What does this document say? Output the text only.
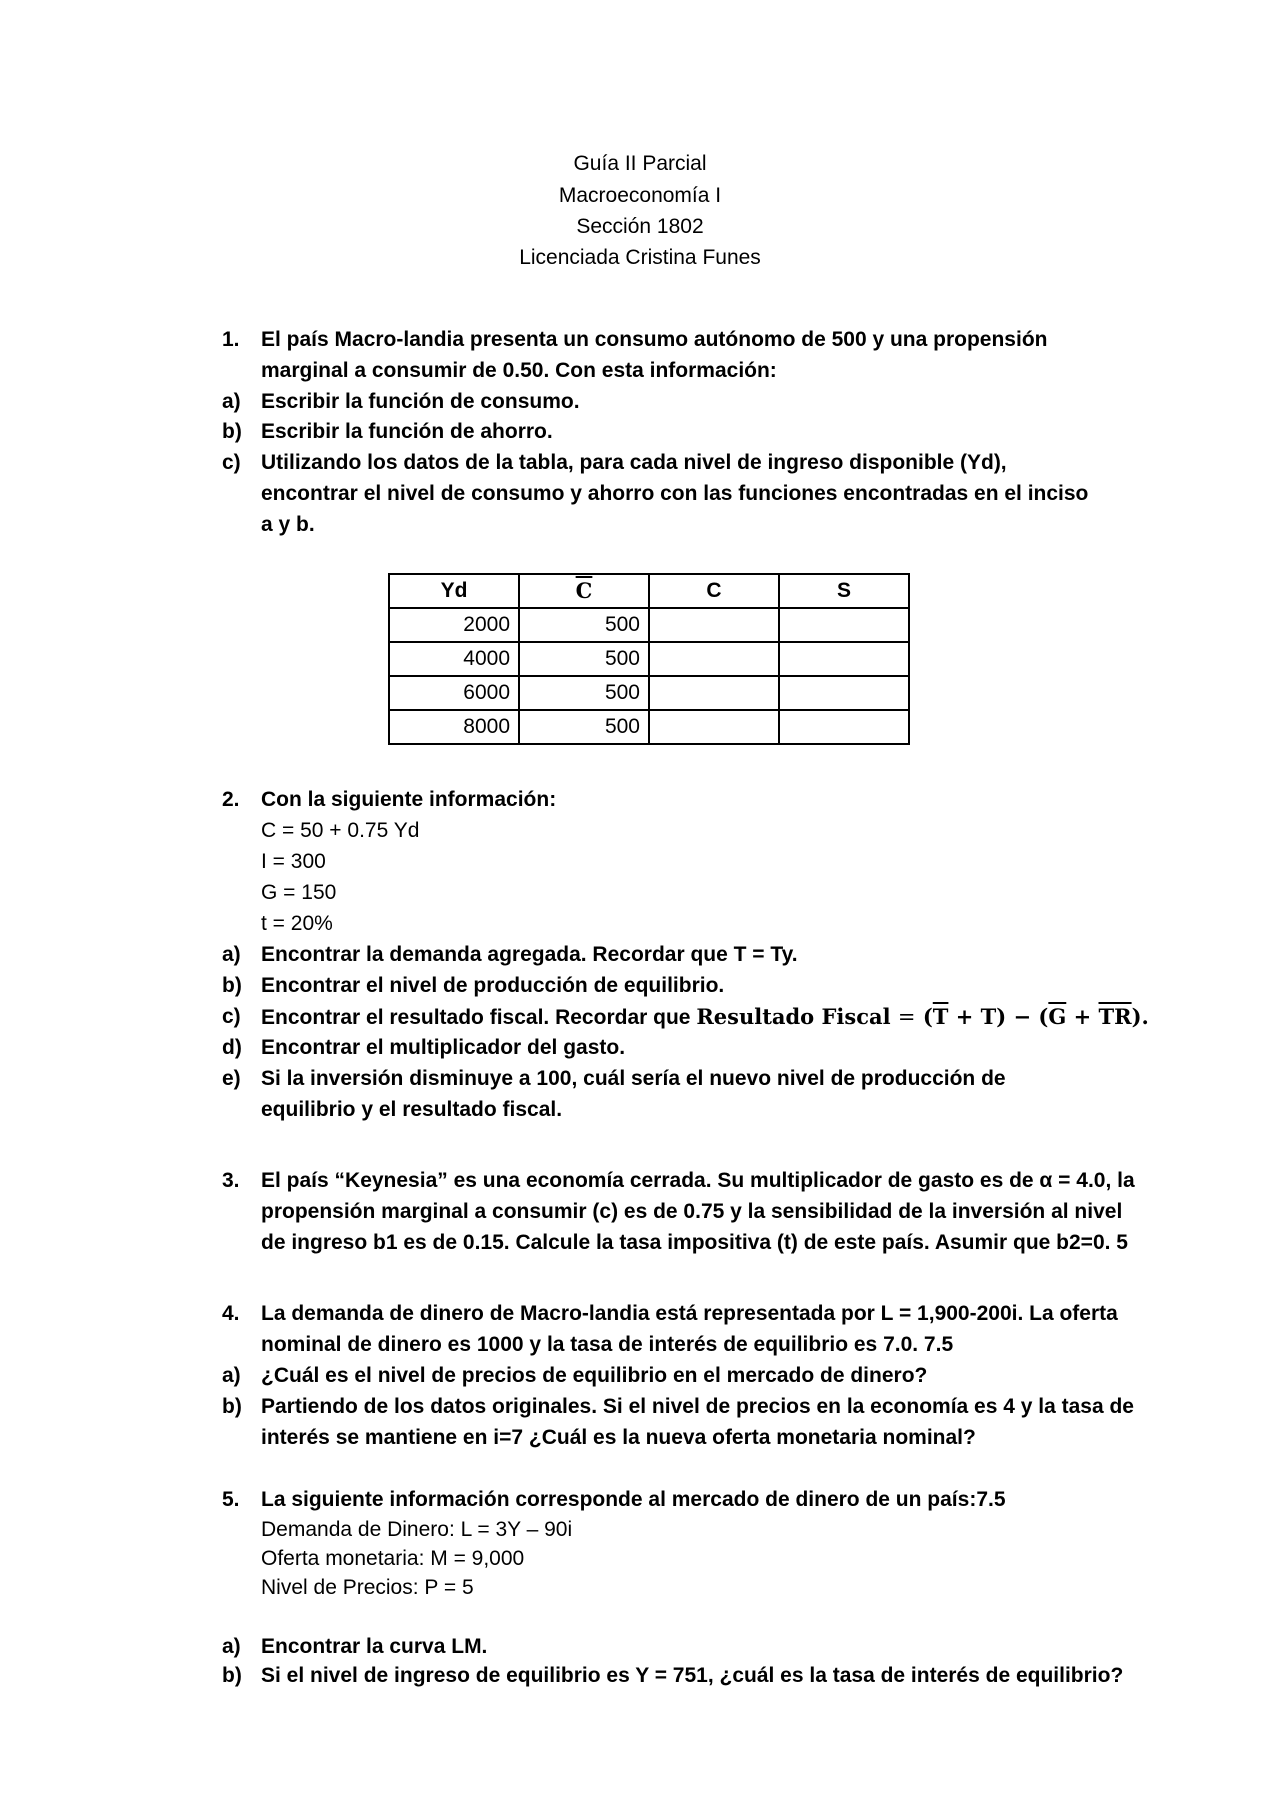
Guía II Parcial
Macroeconomía I
Sección 1802
Licenciada Cristina Funes
1. El país Macro-landia presenta un consumo autónomo de 500 y una propensión
marginal a consumir de 0.50. Con esta información:
a) Escribir la función de consumo.
b) Escribir la función de ahorro.
c) Utilizando los datos de la tabla, para cada nivel de ingreso disponible (Yd),
encontrar el nivel de consumo y ahorro con las funciones encontradas en el inciso
a y b.
Yd	$\overline{C}$	C	S
2000	500		
4000	500		
6000	500		
8000	500		
2. Con la siguiente información:
C = 50 + 0.75 Yd
I = 300
G = 150
t = 20%
a) Encontrar la demanda agregada. Recordar que T = Ty.
b) Encontrar el nivel de producción de equilibrio.
c) Encontrar el resultado fiscal. Recordar que Resultado Fiscal = $(\overline{T} + T) - (\overline{G} + \overline{TR})$.
d) Encontrar el multiplicador del gasto.
e) Si la inversión disminuye a 100, cuál sería el nuevo nivel de producción de
equilibrio y el resultado fiscal.
3. El país “Keynesia” es una economía cerrada. Su multiplicador de gasto es de α = 4.0, la
propensión marginal a consumir (c) es de 0.75 y la sensibilidad de la inversión al nivel
de ingreso b1 es de 0.15. Calcule la tasa impositiva (t) de este país. Asumir que b2=0. 5
4. La demanda de dinero de Macro-landia está representada por L = 1,900-200i. La oferta
nominal de dinero es 1000 y la tasa de interés de equilibrio es 7.0. 7.5
a) ¿Cuál es el nivel de precios de equilibrio en el mercado de dinero?
b) Partiendo de los datos originales. Si el nivel de precios en la economía es 4 y la tasa de
interés se mantiene en i=7 ¿Cuál es la nueva oferta monetaria nominal?
5. La siguiente información corresponde al mercado de dinero de un país:7.5
Demanda de Dinero: L = 3Y – 90i
Oferta monetaria: M = 9,000
Nivel de Precios: P = 5
a) Encontrar la curva LM.
b) Si el nivel de ingreso de equilibrio es Y = 751, ¿cuál es la tasa de interés de equilibrio?
